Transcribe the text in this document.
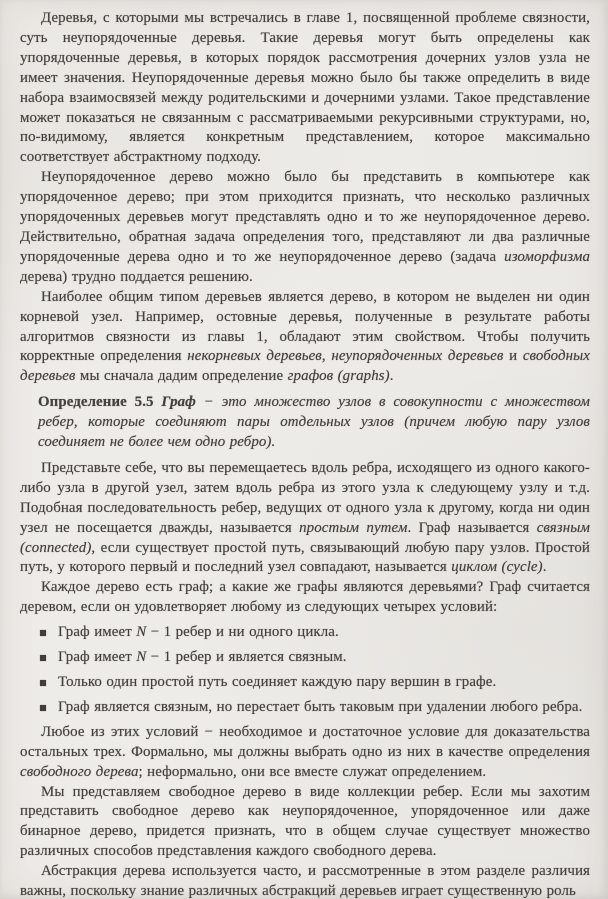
Деревья, с которыми мы встречались в главе 1, посвященной проблеме связности, суть неупорядоченные деревья. Такие деревья могут быть определены как упорядоченные деревья, в которых порядок рассмотрения дочерних узлов узла не имеет значения. Неупорядоченные деревья можно было бы также определить в виде набора взаимосвязей между родительскими и дочерними узлами. Такое представление может показаться не связанным с рассматриваемыми рекурсивными структурами, но, по-видимому, является конкретным представлением, которое максимально соответствует абстрактному подходу.

Неупорядоченное дерево можно было бы представить в компьютере как упорядоченное дерево; при этом приходится признать, что несколько различных упорядоченных деревьев могут представлять одно и то же неупорядоченное дерево. Действительно, обратная задача определения того, представляют ли два различные упорядоченные дерева одно и то же неупорядоченное дерево (задача изоморфизма дерева) трудно поддается решению.

Наиболее общим типом деревьев является дерево, в котором не выделен ни один корневой узел. Например, остовные деревья, полученные в результате работы алгоритмов связности из главы 1, обладают этим свойством. Чтобы получить корректные определения некорневых деревьев, неупорядоченных деревьев и свободных деревьев мы сначала дадим определение графов (graphs).

Определение 5.5 Граф − это множество узлов в совокупности с множеством ребер, которые соединяют пары отдельных узлов (причем любую пару узлов соединяет не более чем одно ребро).

Представьте себе, что вы перемещаетесь вдоль ребра, исходящего из одного какого-либо узла в другой узел, затем вдоль ребра из этого узла к следующему узлу и т.д. Подобная последовательность ребер, ведущих от одного узла к другому, когда ни один узел не посещается дважды, называется простым путем. Граф называется связным (connected), если существует простой путь, связывающий любую пару узлов. Простой путь, у которого первый и последний узел совпадают, называется циклом (cycle).

Каждое дерево есть граф; а какие же графы являются деревьями? Граф считается деревом, если он удовлетворяет любому из следующих четырех условий:

Граф имеет N − 1 ребер и ни одного цикла.
Граф имеет N − 1 ребер и является связным.
Только один простой путь соединяет каждую пару вершин в графе.
Граф является связным, но перестает быть таковым при удалении любого ребра.

Любое из этих условий − необходимое и достаточное условие для доказательства остальных трех. Формально, мы должны выбрать одно из них в качестве определения свободного дерева; неформально, они все вместе служат определением.

Мы представляем свободное дерево в виде коллекции ребер. Если мы захотим представить свободное дерево как неупорядоченное, упорядоченное или даже бинарное дерево, придется признать, что в общем случае существует множество различных способов представления каждого свободного дерева.

Абстракция дерева используется часто, и рассмотренные в этом разделе различия важны, поскольку знание различных абстракций деревьев играет существенную роль
